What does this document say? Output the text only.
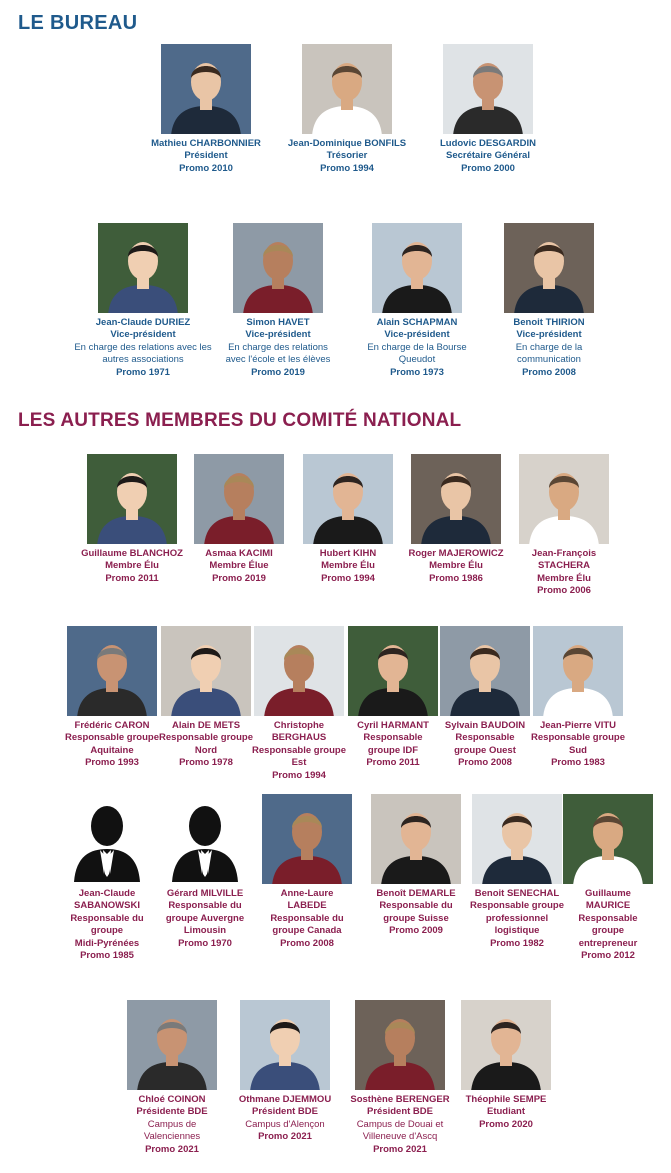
LE BUREAU
LES AUTRES MEMBRES DU COMITÉ NATIONAL
Mathieu CHARBONNIER
Président
Promo 2010
Jean-Dominique BONFILS
Trésorier
Promo 1994
Ludovic DESGARDIN
Secrétaire Général
Promo 2000
Jean-Claude DURIEZ
Vice-président
En charge des relations avec les
autres associations
Promo 1971
Simon HAVET
Vice-président
En charge des relations
avec l'école et les élèves
Promo 2019
Alain SCHAPMAN
Vice-président
En charge de la Bourse
Queudot
Promo 1973
Benoit THIRION
Vice-président
En charge de la
communication
Promo 2008
Guillaume BLANCHOZ
Membre Élu
Promo 2011
Asmaa KACIMI
Membre Élue
Promo 2019
Hubert KIHN
Membre Élu
Promo 1994
Roger MAJEROWICZ
Membre Élu
Promo 1986
Jean-François STACHERA
Membre Élu
Promo 2006
Frédéric CARON
Responsable groupe
Aquitaine
Promo 1993
Alain DE METS
Responsable groupe
Nord
Promo 1978
Christophe
BERGHAUS
Responsable groupe
Est
Promo 1994
Cyril HARMANT
Responsable
groupe IDF
Promo 2011
Sylvain BAUDOIN
Responsable
groupe Ouest
Promo 2008
Jean-Pierre VITU
Responsable groupe
Sud
Promo 1983
Jean-Claude
SABANOWSKI
Responsable du
groupe
Midi-Pyrénées
Promo 1985
Gérard MILVILLE
Responsable du
groupe Auvergne
Limousin
Promo 1970
Anne-Laure
LABEDE
Responsable du
groupe Canada
Promo 2008
Benoît DEMARLE
Responsable du
groupe Suisse
Promo 2009
Benoit SENECHAL
Responsable groupe
professionnel
logistique
Promo 1982
Guillaume
MAURICE
Responsable
groupe
entrepreneur
Promo 2012
Chloé COINON
Présidente BDE
Campus de
Valenciennes
Promo 2021
Othmane DJEMMOU
Président BDE
Campus d'Alençon
Promo 2021
Sosthène BERENGER
Président BDE
Campus de Douai et
Villeneuve d'Ascq
Promo 2021
Théophile SEMPE
Etudiant
Promo 2020
